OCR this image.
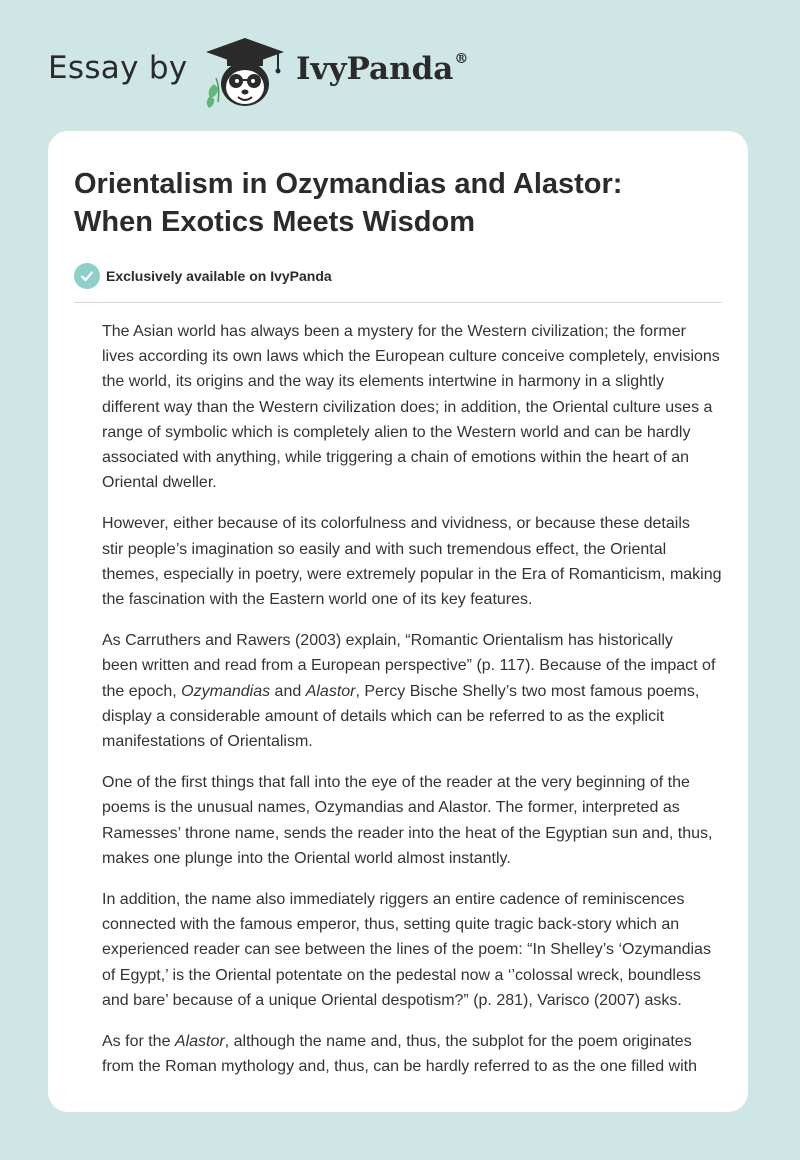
Essay by	IvyPanda®
Orientalism in Ozymandias and Alastor:
When Exotics Meets Wisdom
Exclusively available on IvyPanda

The Asian world has always been a mystery for the Western civilization; the former
lives according its own laws which the European culture conceive completely, envisions
the world, its origins and the way its elements intertwine in harmony in a slightly
different way than the Western civilization does; in addition, the Oriental culture uses a
range of symbolic which is completely alien to the Western world and can be hardly
associated with anything, while triggering a chain of emotions within the heart of an
Oriental dweller.

However, either because of its colorfulness and vividness, or because these details
stir people’s imagination so easily and with such tremendous effect, the Oriental
themes, especially in poetry, were extremely popular in the Era of Romanticism, making
the fascination with the Eastern world one of its key features.

As Carruthers and Rawers (2003) explain, “Romantic Orientalism has historically
been written and read from a European perspective” (p. 117). Because of the impact of
the epoch, Ozymandias and Alastor, Percy Bische Shelly’s two most famous poems,
display a considerable amount of details which can be referred to as the explicit
manifestations of Orientalism.

One of the first things that fall into the eye of the reader at the very beginning of the
poems is the unusual names, Ozymandias and Alastor. The former, interpreted as
Ramesses’ throne name, sends the reader into the heat of the Egyptian sun and, thus,
makes one plunge into the Oriental world almost instantly.

In addition, the name also immediately riggers an entire cadence of reminiscences
connected with the famous emperor, thus, setting quite tragic back-story which an
experienced reader can see between the lines of the poem: “In Shelley’s ‘Ozymandias
of Egypt,’ is the Oriental potentate on the pedestal now a ‘’colossal wreck, boundless
and bare’ because of a unique Oriental despotism?” (p. 281), Varisco (2007) asks.

As for the Alastor, although the name and, thus, the subplot for the poem originates
from the Roman mythology and, thus, can be hardly referred to as the one filled with
